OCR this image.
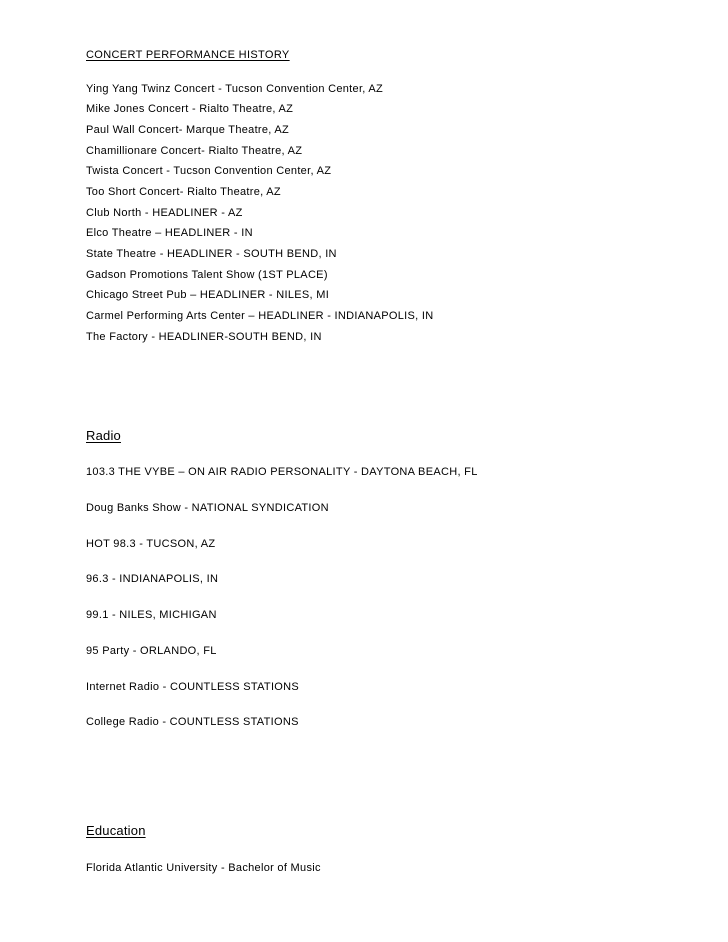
CONCERT PERFORMANCE HISTORY
Ying Yang Twinz Concert - Tucson Convention Center, AZ
Mike Jones Concert - Rialto Theatre, AZ
Paul Wall Concert- Marque Theatre, AZ
Chamillionare Concert- Rialto Theatre, AZ
Twista Concert - Tucson Convention Center, AZ
Too Short Concert- Rialto Theatre, AZ
Club North - HEADLINER - AZ
Elco Theatre – HEADLINER - IN
State Theatre - HEADLINER - SOUTH BEND, IN
Gadson Promotions Talent Show (1ST PLACE)
Chicago Street Pub – HEADLINER - NILES, MI
Carmel Performing Arts Center – HEADLINER - INDIANAPOLIS, IN
The Factory - HEADLINER-SOUTH BEND, IN
Radio
103.3 THE VYBE – ON AIR RADIO PERSONALITY - DAYTONA BEACH, FL
Doug Banks Show - NATIONAL SYNDICATION
HOT 98.3 - TUCSON, AZ
96.3 - INDIANAPOLIS, IN
99.1 - NILES, MICHIGAN
95 Party - ORLANDO, FL
Internet Radio - COUNTLESS STATIONS
College Radio - COUNTLESS STATIONS
Education
Florida Atlantic University - Bachelor of Music
